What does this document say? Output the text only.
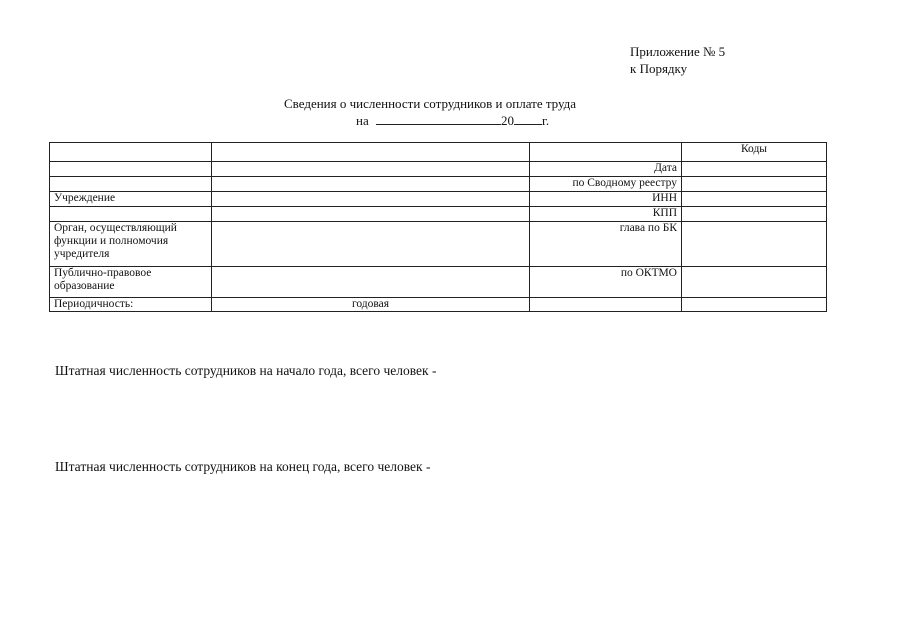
Приложение № 5
к Порядку
Сведения о численности сотрудников и оплате труда
на	20 г.
			Коды
		Дата	
		по Сводному реестру	
Учреждение		ИНН	
		КПП	
Орган, осуществляющий функции и полномочия учредителя		глава по БК	
Публично-правовое образование		по ОКТМО	
Периодичность:	годовая		
Штатная численность сотрудников на начало года, всего человек -
Штатная численность сотрудников на конец года, всего человек -
